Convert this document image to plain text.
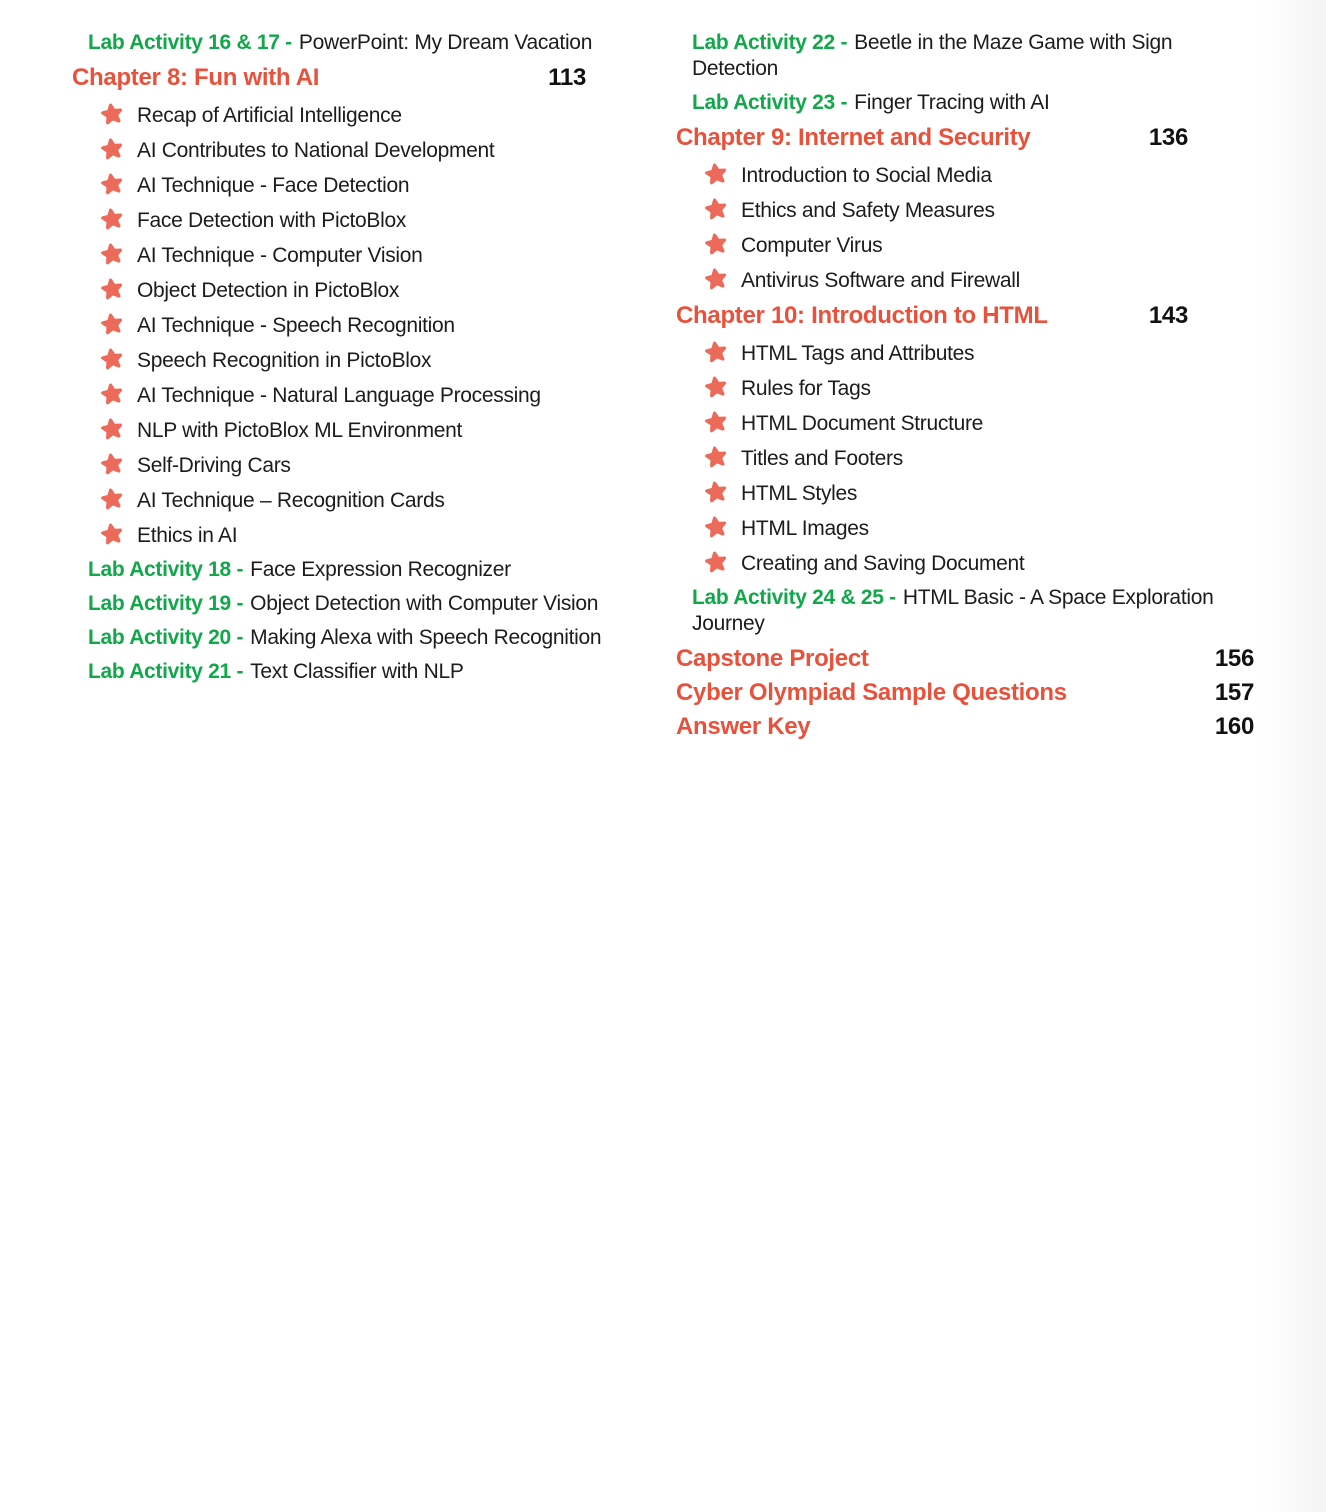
Lab Activity 16 & 17 - PowerPoint: My Dream Vacation
Chapter 8: Fun with AI	113
Recap of Artificial Intelligence
AI Contributes to National Development
AI Technique - Face Detection
Face Detection with PictoBlox
AI Technique - Computer Vision
Object Detection in PictoBlox
AI Technique - Speech Recognition
Speech Recognition in PictoBlox
AI Technique - Natural Language Processing
NLP with PictoBlox ML Environment
Self-Driving Cars
AI Technique – Recognition Cards
Ethics in AI
Lab Activity 18 - Face Expression Recognizer
Lab Activity 19 - Object Detection with Computer Vision
Lab Activity 20 - Making Alexa with Speech Recognition
Lab Activity 21 - Text Classifier with NLP
Lab Activity 22 - Beetle in the Maze Game with Sign Detection
Lab Activity 23 - Finger Tracing with AI
Chapter 9: Internet and Security	136
Introduction to Social Media
Ethics and Safety Measures
Computer Virus
Antivirus Software and Firewall
Chapter 10: Introduction to HTML	143
HTML Tags and Attributes
Rules for Tags
HTML Document Structure
Titles and Footers
HTML Styles
HTML Images
Creating and Saving Document
Lab Activity 24 & 25 - HTML Basic - A Space Exploration Journey
Capstone Project	156
Cyber Olympiad Sample Questions	157
Answer Key	160
